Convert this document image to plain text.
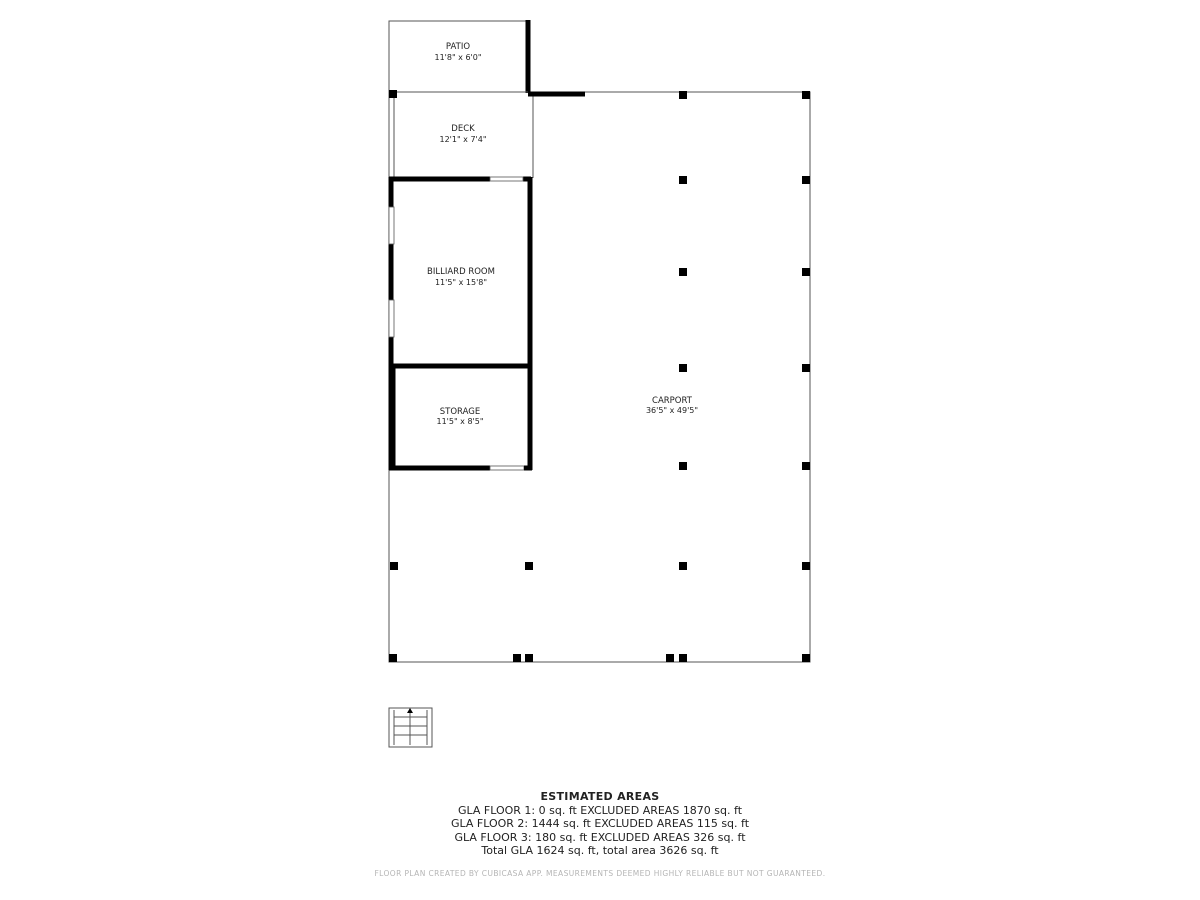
PATIO
11'8" x 6'0"
DECK
12'1" x 7'4"
CARPORT
36'5" x 49'5"
BILLIARD ROOM
11'5" x 15'8"
STORAGE
11'5" x 8'5"
ESTIMATED AREAS
GLA FLOOR 1: 0 sq. ft EXCLUDED AREAS 1870 sq. ft
GLA FLOOR 2: 1444 sq. ft EXCLUDED AREAS 115 sq. ft
GLA FLOOR 3: 180 sq. ft EXCLUDED AREAS 326 sq. ft
Total GLA 1624 sq. ft, total area 3626 sq. ft
FLOOR PLAN CREATED BY CUBICASA APP. MEASUREMENTS DEEMED HIGHLY RELIABLE BUT NOT GUARANTEED.
